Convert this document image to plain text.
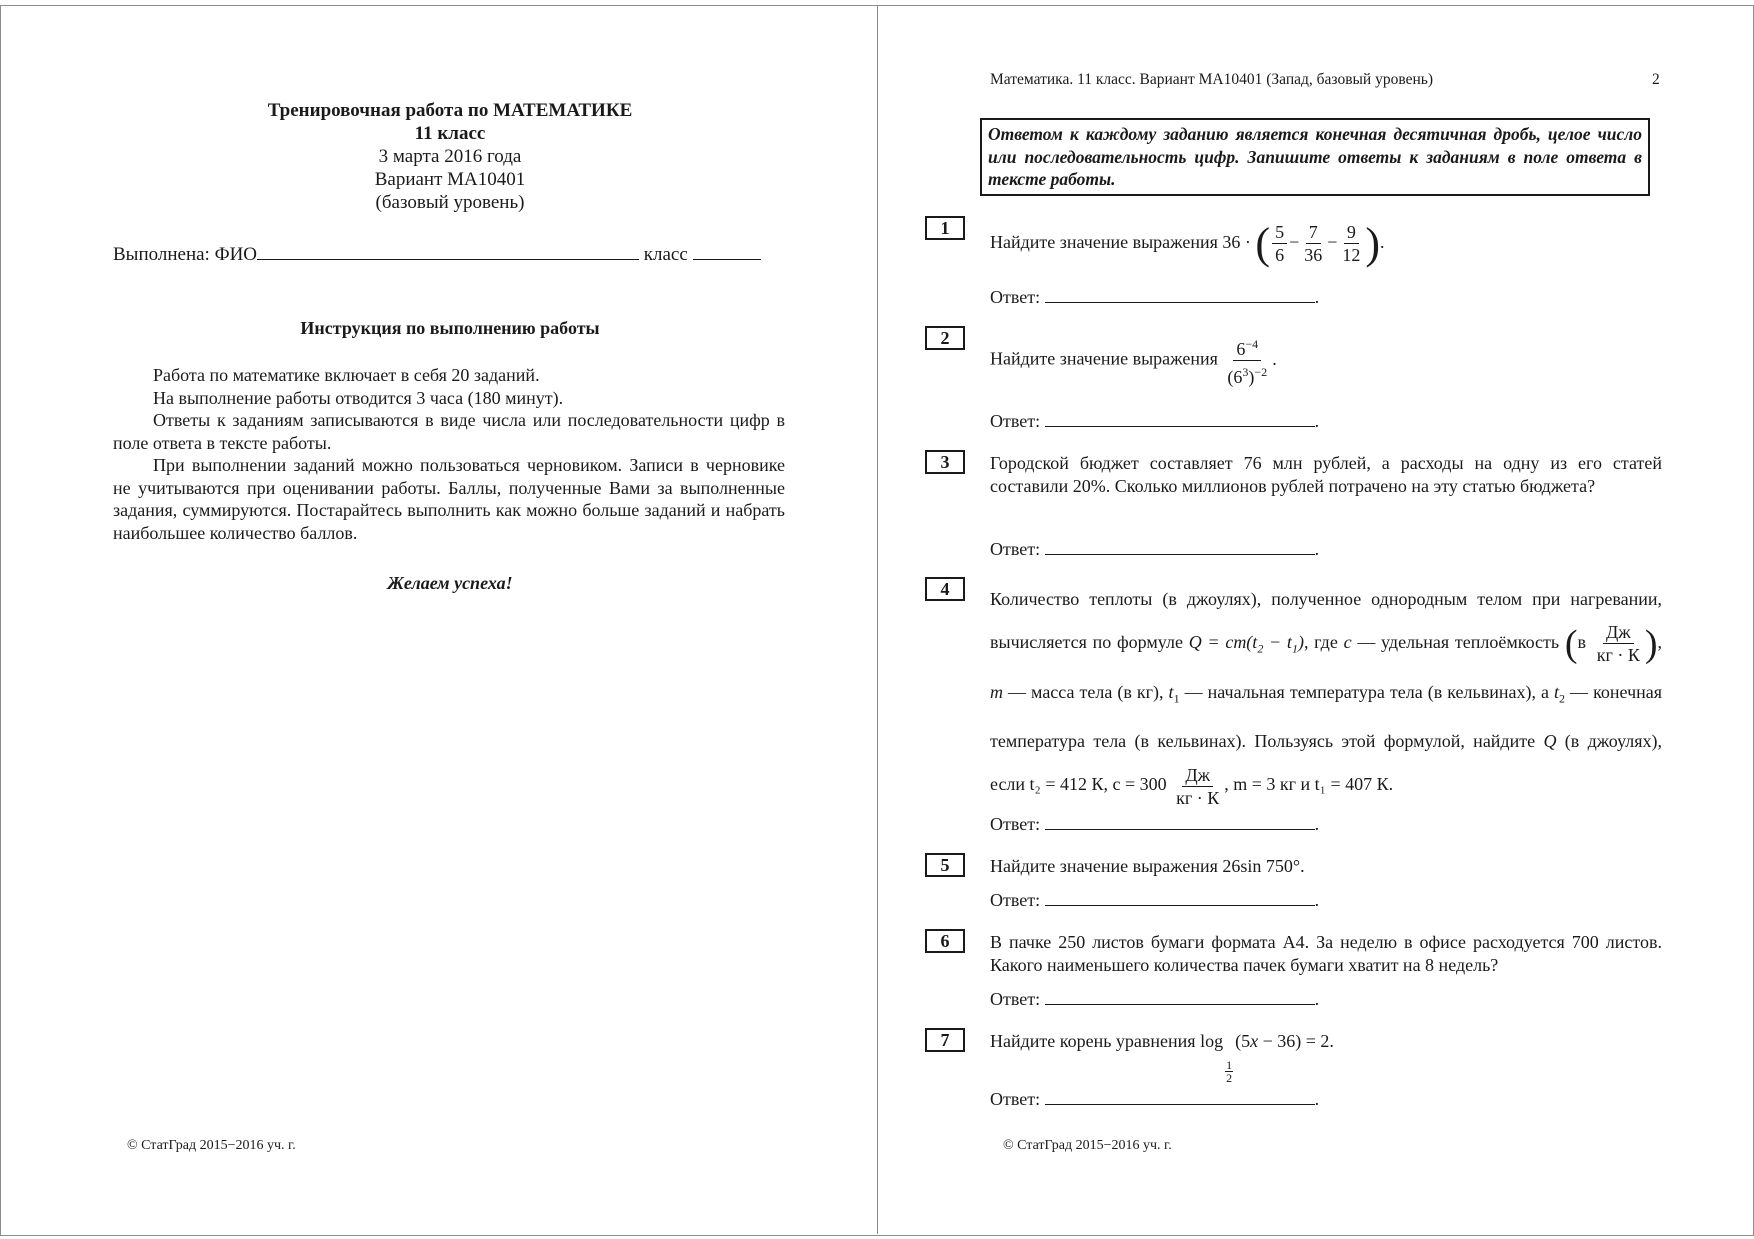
Тренировочная работа по МАТЕМАТИКЕ
11 класс
3 марта 2016 года
Вариант МА10401
(базовый уровень)
Выполнена: ФИО	класс
Инструкция по выполнению работы

Работа по математике включает в себя 20 заданий.

На выполнение работы отводится 3 часа (180 минут).

Ответы к заданиям записываются в виде числа или последовательности цифр в поле ответа в тексте работы.

При выполнении заданий можно пользоваться черновиком. Записи в черновике не учитываются при оценивании работы. Баллы, полученные Вами за выполненные задания, суммируются. Постарайтесь выполнить как можно больше заданий и набрать наибольшее количество баллов.

Желаем успеха!
© СтатГрад 2015−2016 уч. г.
Математика. 11 класс. Вариант МА10401 (Запад, базовый уровень)	2
Ответом к каждому заданию является конечная десятичная дробь, целое число или последовательность цифр. Запишите ответы к заданиям в поле ответа в тексте работы.
1
Найдите значение выражения 36 · ( $\frac{5}{6} - \frac{7}{36} - \frac{9}{12}$ ).
Ответ:	.
2
Найдите значение выражения $\frac{6^{-4}}{(6^3)^{-2}}$ .
Ответ:	.
3	Городской бюджет составляет 76 млн рублей, а расходы на одну из его статей составили 20%. Сколько миллионов рублей потрачено на эту статью бюджета?
Ответ:	.
4	Количество теплоты (в джоулях), полученное однородным телом при нагревании, вычисляется по формуле $Q = cm(t_2 - t_1)$, где c — удельная теплоёмкость ($в \frac{Дж}{кг \cdot К}$ ), m — масса тела (в кг), $t_1$ — начальная температура тела (в кельвинах), а $t_2$ — конечная температура тела (в кельвинах). Пользуясь этой формулой, найдите Q (в джоулях), если t₂ = 412 К, $c = 300 \frac{Дж}{кг \cdot К}$ , m = 3 кг и t₁ = 407 К.
Ответ:	.
5	Найдите значение выражения 26sin 750°.
Ответ:	.
6	В пачке 250 листов бумаги формата А4. За неделю в офисе расходуется 700 листов. Какого наименьшего количества пачек бумаги хватит на 8 недель?
Ответ:	.
7	Найдите корень уравнения log
$\frac{1}{2}$
(5x − 36) = 2.
Ответ:	.
© СтатГрад 2015−2016 уч. г.
